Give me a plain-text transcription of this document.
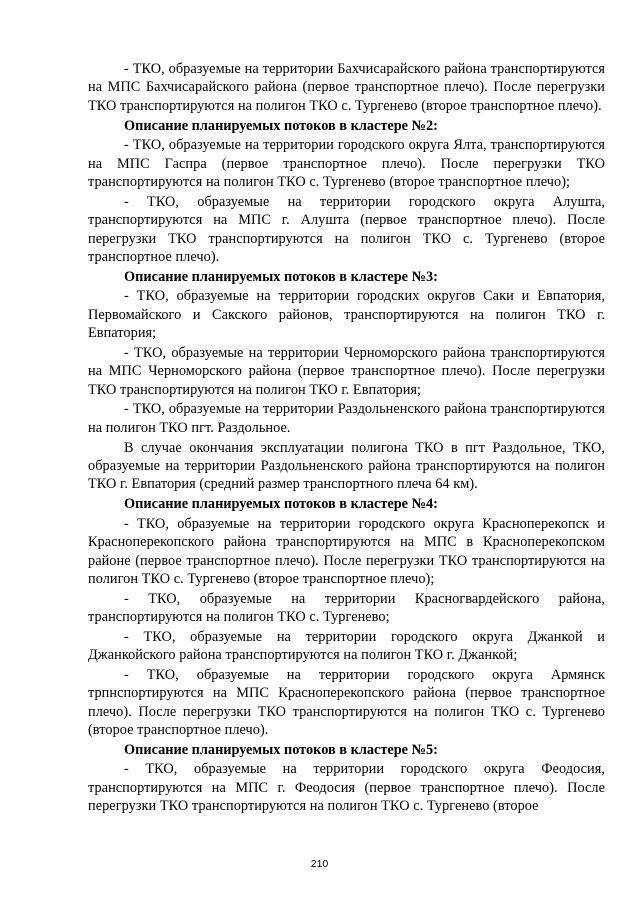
- ТКО, образуемые на территории Бахчисарайского района транспортируются на МПС Бахчисарайского района (первое транспортное плечо). После перегрузки ТКО транспортируются на полигон ТКО с. Тургенево (второе транспортное плечо).

Описание планируемых потоков в кластере №2:

- ТКО, образуемые на территории городского округа Ялта, транспортируются на МПС Гаспра (первое транспортное плечо). После перегрузки ТКО транспортируются на полигон ТКО с. Тургенево (второе транспортное плечо);

- ТКО, образуемые на территории городского округа Алушта, транспортируются на МПС г. Алушта (первое транспортное плечо). После перегрузки ТКО транспортируются на полигон ТКО с. Тургенево (второе транспортное плечо).

Описание планируемых потоков в кластере №3:

- ТКО, образуемые на территории городских округов Саки и Евпатория, Первомайского и Сакского районов, транспортируются на полигон ТКО г. Евпатория;

- ТКО, образуемые на территории Черноморского района транспортируются на МПС Черноморского района (первое транспортное плечо). После перегрузки ТКО транспортируются на полигон ТКО г. Евпатория;

- ТКО, образуемые на территории Раздольненского района транспортируются на полигон ТКО пгт. Раздольное.

В случае окончания эксплуатации полигона ТКО в пгт Раздольное, ТКО, образуемые на территории Раздольненского района транспортируются на полигон ТКО г. Евпатория (средний размер транспортного плеча 64 км).

Описание планируемых потоков в кластере №4:

- ТКО, образуемые на территории городского округа Красноперекопск и Красноперекопского района транспортируются на МПС в Красноперекопском районе (первое транспортное плечо). После перегрузки ТКО транспортируются на полигон ТКО с. Тургенево (второе транспортное плечо);

- ТКО, образуемые на территории Красногвардейского района, транспортируются на полигон ТКО с. Тургенево;

- ТКО, образуемые на территории городского округа Джанкой и Джанкойского района транспортируются на полигон ТКО г. Джанкой;

- ТКО, образуемые на территории городского округа Армянск трпнспортируются на МПС Красноперекопского района (первое транспортное плечо). После перегрузки ТКО транспортируются на полигон ТКО с. Тургенево (второе транспортное плечо).

Описание планируемых потоков в кластере №5:

- ТКО, образуемые на территории городского округа Феодосия, транспортируются на МПС г. Феодосия (первое транспортное плечо). После перегрузки ТКО транспортируются на полигон ТКО с. Тургенево (второе

210
